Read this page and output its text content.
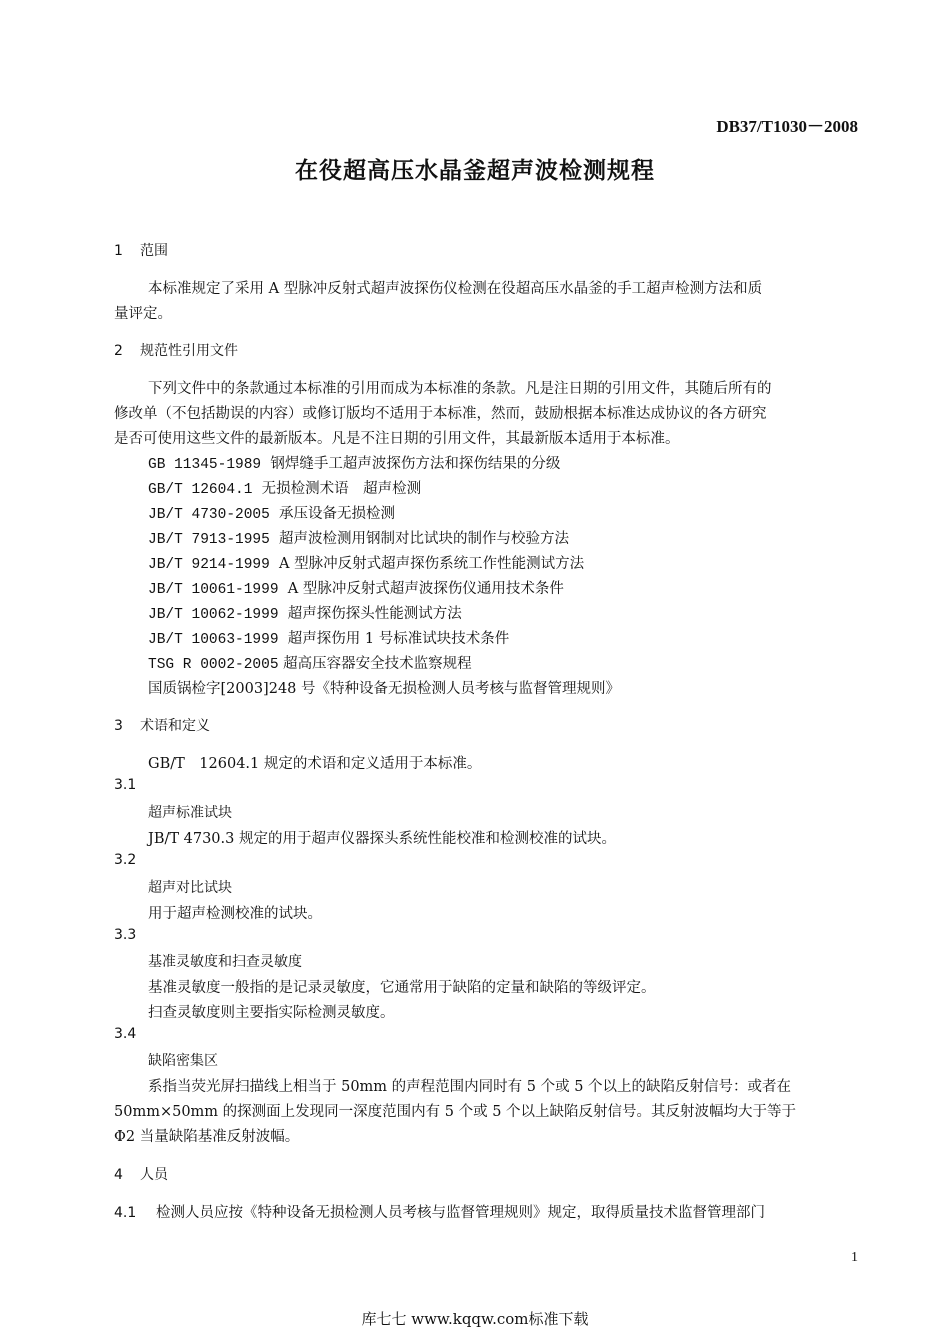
DB37/T1030－2008
在役超高压水晶釜超声波检测规程
1 范围
本标准规定了采用 A 型脉冲反射式超声波探伤仪检测在役超高压水晶釜的手工超声检测方法和质
量评定。
2 规范性引用文件
下列文件中的条款通过本标准的引用而成为本标准的条款。凡是注日期的引用文件，其随后所有的
修改单（不包括勘误的内容）或修订版均不适用于本标准，然而，鼓励根据本标准达成协议的各方研究
是否可使用这些文件的最新版本。凡是不注日期的引用文件，其最新版本适用于本标准。
GB 11345-1989 钢焊缝手工超声波探伤方法和探伤结果的分级
GB/T 12604.1 无损检测术语　超声检测
JB/T 4730-2005 承压设备无损检测
JB/T 7913-1995 超声波检测用钢制对比试块的制作与校验方法
JB/T 9214-1999 A 型脉冲反射式超声探伤系统工作性能测试方法
JB/T 10061-1999 A 型脉冲反射式超声波探伤仪通用技术条件
JB/T 10062-1999 超声探伤探头性能测试方法
JB/T 10063-1999 超声探伤用 1 号标准试块技术条件
TSG R 0002-2005 超高压容器安全技术监察规程
国质锅检字[2003]248 号《特种设备无损检测人员考核与监督管理规则》
3 术语和定义
GB/T　12604.1 规定的术语和定义适用于本标准。
3.1
超声标准试块
JB/T 4730.3 规定的用于超声仪器探头系统性能校准和检测校准的试块。
3.2
超声对比试块
用于超声检测校准的试块。
3.3
基准灵敏度和扫查灵敏度
基准灵敏度一般指的是记录灵敏度，它通常用于缺陷的定量和缺陷的等级评定。
扫查灵敏度则主要指实际检测灵敏度。
3.4
缺陷密集区
系指当荧光屏扫描线上相当于 50mm 的声程范围内同时有 5 个或 5 个以上的缺陷反射信号：或者在
50mm×50mm 的探测面上发现同一深度范围内有 5 个或 5 个以上缺陷反射信号。其反射波幅均大于等于
Φ2 当量缺陷基准反射波幅。
4 人员
4.1 检测人员应按《特种设备无损检测人员考核与监督管理规则》规定，取得质量技术监督管理部门
1
库七七 www.kqqw.com标准下载
